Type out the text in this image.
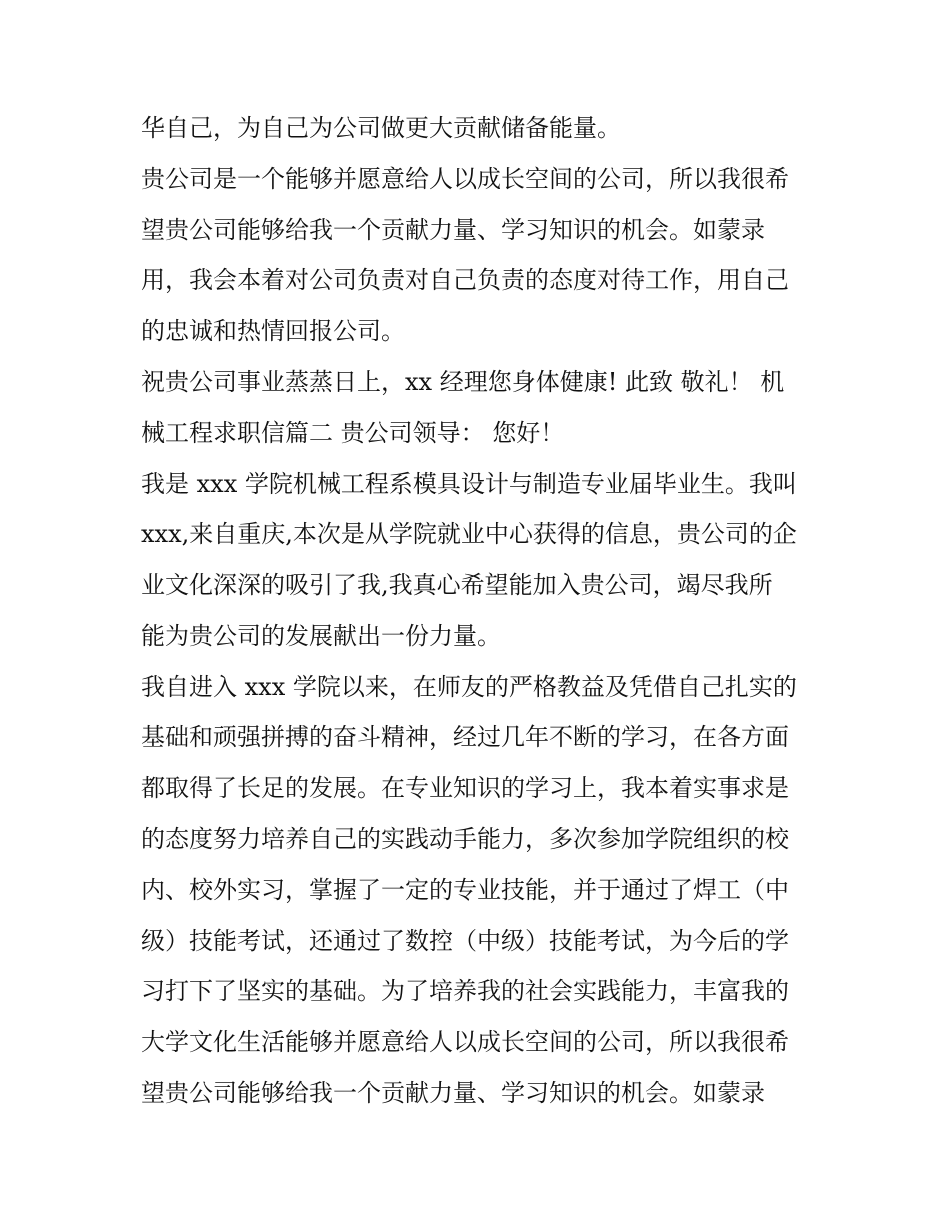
华自己，为自己为公司做更大贡献储备能量。
贵公司是一个能够并愿意给人以成长空间的公司，所以我很希
望贵公司能够给我一个贡献力量、学习知识的机会。如蒙录
用，我会本着对公司负责对自己负责的态度对待工作，用自己
的忠诚和热情回报公司。
祝贵公司事业蒸蒸日上，xx 经理您身体健康! 此致 敬礼！ 机
械工程求职信篇二 贵公司领导： 您好！
我是 xxx 学院机械工程系模具设计与制造专业届毕业生。我叫
xxx,来自重庆,本次是从学院就业中心获得的信息，贵公司的企
业文化深深的吸引了我,我真心希望能加入贵公司，竭尽我所
能为贵公司的发展献出一份力量。
我自进入 xxx 学院以来，在师友的严格教益及凭借自己扎实的
基础和顽强拼搏的奋斗精神，经过几年不断的学习，在各方面
都取得了长足的发展。在专业知识的学习上，我本着实事求是
的态度努力培养自己的实践动手能力，多次参加学院组织的校
内、校外实习，掌握了一定的专业技能，并于通过了焊工（中
级）技能考试，还通过了数控（中级）技能考试，为今后的学
习打下了坚实的基础。为了培养我的社会实践能力，丰富我的
大学文化生活能够并愿意给人以成长空间的公司，所以我很希
望贵公司能够给我一个贡献力量、学习知识的机会。如蒙录
